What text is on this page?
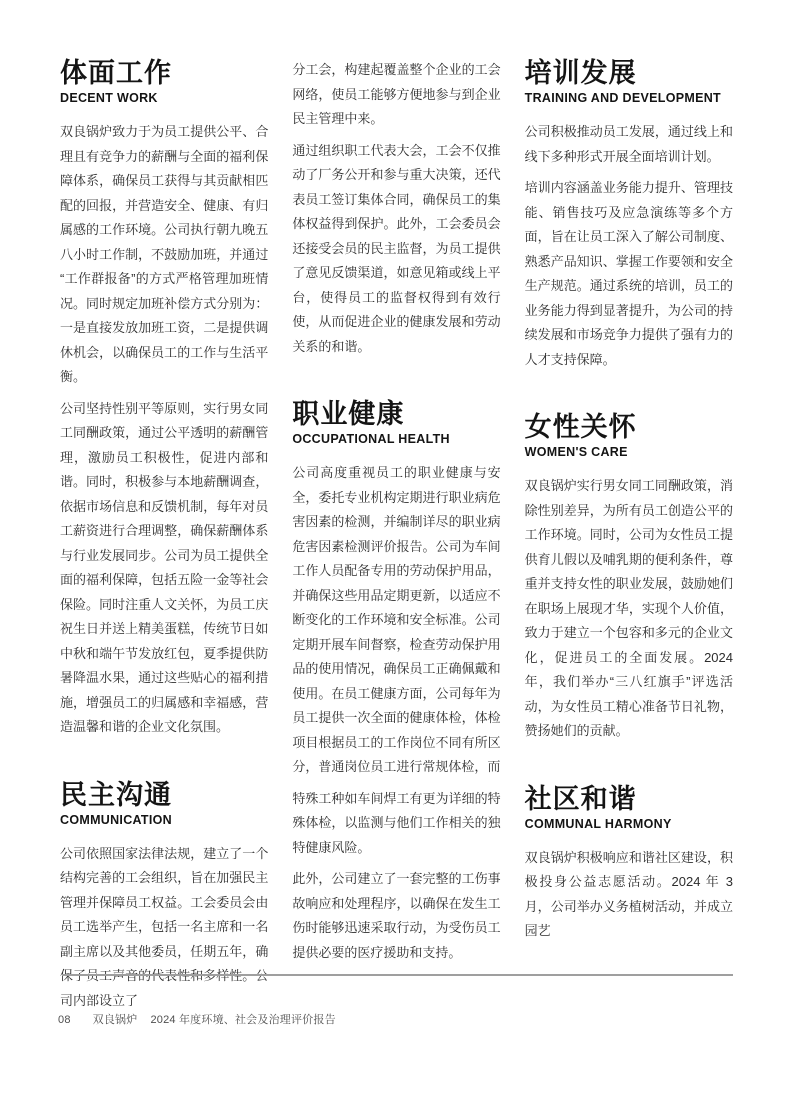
体面工作
DECENT WORK

双良锅炉致力于为员工提供公平、合理且有竞争力的薪酬与全面的福利保障体系，确保员工获得与其贡献相匹配的回报，并营造安全、健康、有归属感的工作环境。公司执行朝九晚五八小时工作制，不鼓励加班，并通过“工作群报备”的方式严格管理加班情况。同时规定加班补偿方式分别为：一是直接发放加班工资，二是提供调休机会，以确保员工的工作与生活平衡。

公司坚持性别平等原则，实行男女同工同酬政策，通过公平透明的薪酬管理，激励员工积极性，促进内部和谐。同时，积极参与本地薪酬调查，依据市场信息和反馈机制，每年对员工薪资进行合理调整，确保薪酬体系与行业发展同步。公司为员工提供全面的福利保障，包括五险一金等社会保险。同时注重人文关怀，为员工庆祝生日并送上精美蛋糕，传统节日如中秋和端午节发放红包，夏季提供防暑降温水果，通过这些贴心的福利措施，增强员工的归属感和幸福感，营造温馨和谐的企业文化氛围。

民主沟通
COMMUNICATION

公司依照国家法律法规，建立了一个结构完善的工会组织，旨在加强民主管理并保障员工权益。工会委员会由员工选举产生，包括一名主席和一名副主席以及其他委员，任期五年，确保了员工声音的代表性和多样性。公司内部设立了

分工会，构建起覆盖整个企业的工会网络，使员工能够方便地参与到企业民主管理中来。

通过组织职工代表大会，工会不仅推动了厂务公开和参与重大决策，还代表员工签订集体合同，确保员工的集体权益得到保护。此外，工会委员会还接受会员的民主监督，为员工提供了意见反馈渠道，如意见箱或线上平台，使得员工的监督权得到有效行使，从而促进企业的健康发展和劳动关系的和谐。

职业健康
OCCUPATIONAL HEALTH

公司高度重视员工的职业健康与安全，委托专业机构定期进行职业病危害因素的检测，并编制详尽的职业病危害因素检测评价报告。公司为车间工作人员配备专用的劳动保护用品，并确保这些用品定期更新，以适应不断变化的工作环境和安全标准。公司定期开展车间督察，检查劳动保护用品的使用情况，确保员工正确佩戴和使用。在员工健康方面，公司每年为员工提供一次全面的健康体检，体检项目根据员工的工作岗位不同有所区分，普通岗位员工进行常规体检，而

特殊工种如车间焊工有更为详细的特殊体检，以监测与他们工作相关的独特健康风险。

此外，公司建立了一套完整的工伤事故响应和处理程序，以确保在发生工伤时能够迅速采取行动，为受伤员工提供必要的医疗援助和支持。

培训发展
TRAINING AND DEVELOPMENT

公司积极推动员工发展，通过线上和线下多种形式开展全面培训计划。

培训内容涵盖业务能力提升、管理技能、销售技巧及应急演练等多个方面，旨在让员工深入了解公司制度、熟悉产品知识、掌握工作要领和安全生产规范。通过系统的培训，员工的业务能力得到显著提升，为公司的持续发展和市场竞争力提供了强有力的人才支持保障。

女性关怀
WOMEN'S CARE

双良锅炉实行男女同工同酬政策，消除性别差异，为所有员工创造公平的工作环境。同时，公司为女性员工提供育儿假以及哺乳期的便利条件，尊重并支持女性的职业发展，鼓励她们在职场上展现才华，实现个人价值，致力于建立一个包容和多元的企业文化，促进员工的全面发展。2024 年，我们举办“三八红旗手”评选活动，为女性员工精心准备节日礼物，赞扬她们的贡献。

社区和谐
COMMUNAL HARMONY

双良锅炉积极响应和谐社区建设，积极投身公益志愿活动。2024 年 3 月，公司举办义务植树活动，并成立园艺

08 双良锅炉 2024 年度环境、社会及治理评价报告
